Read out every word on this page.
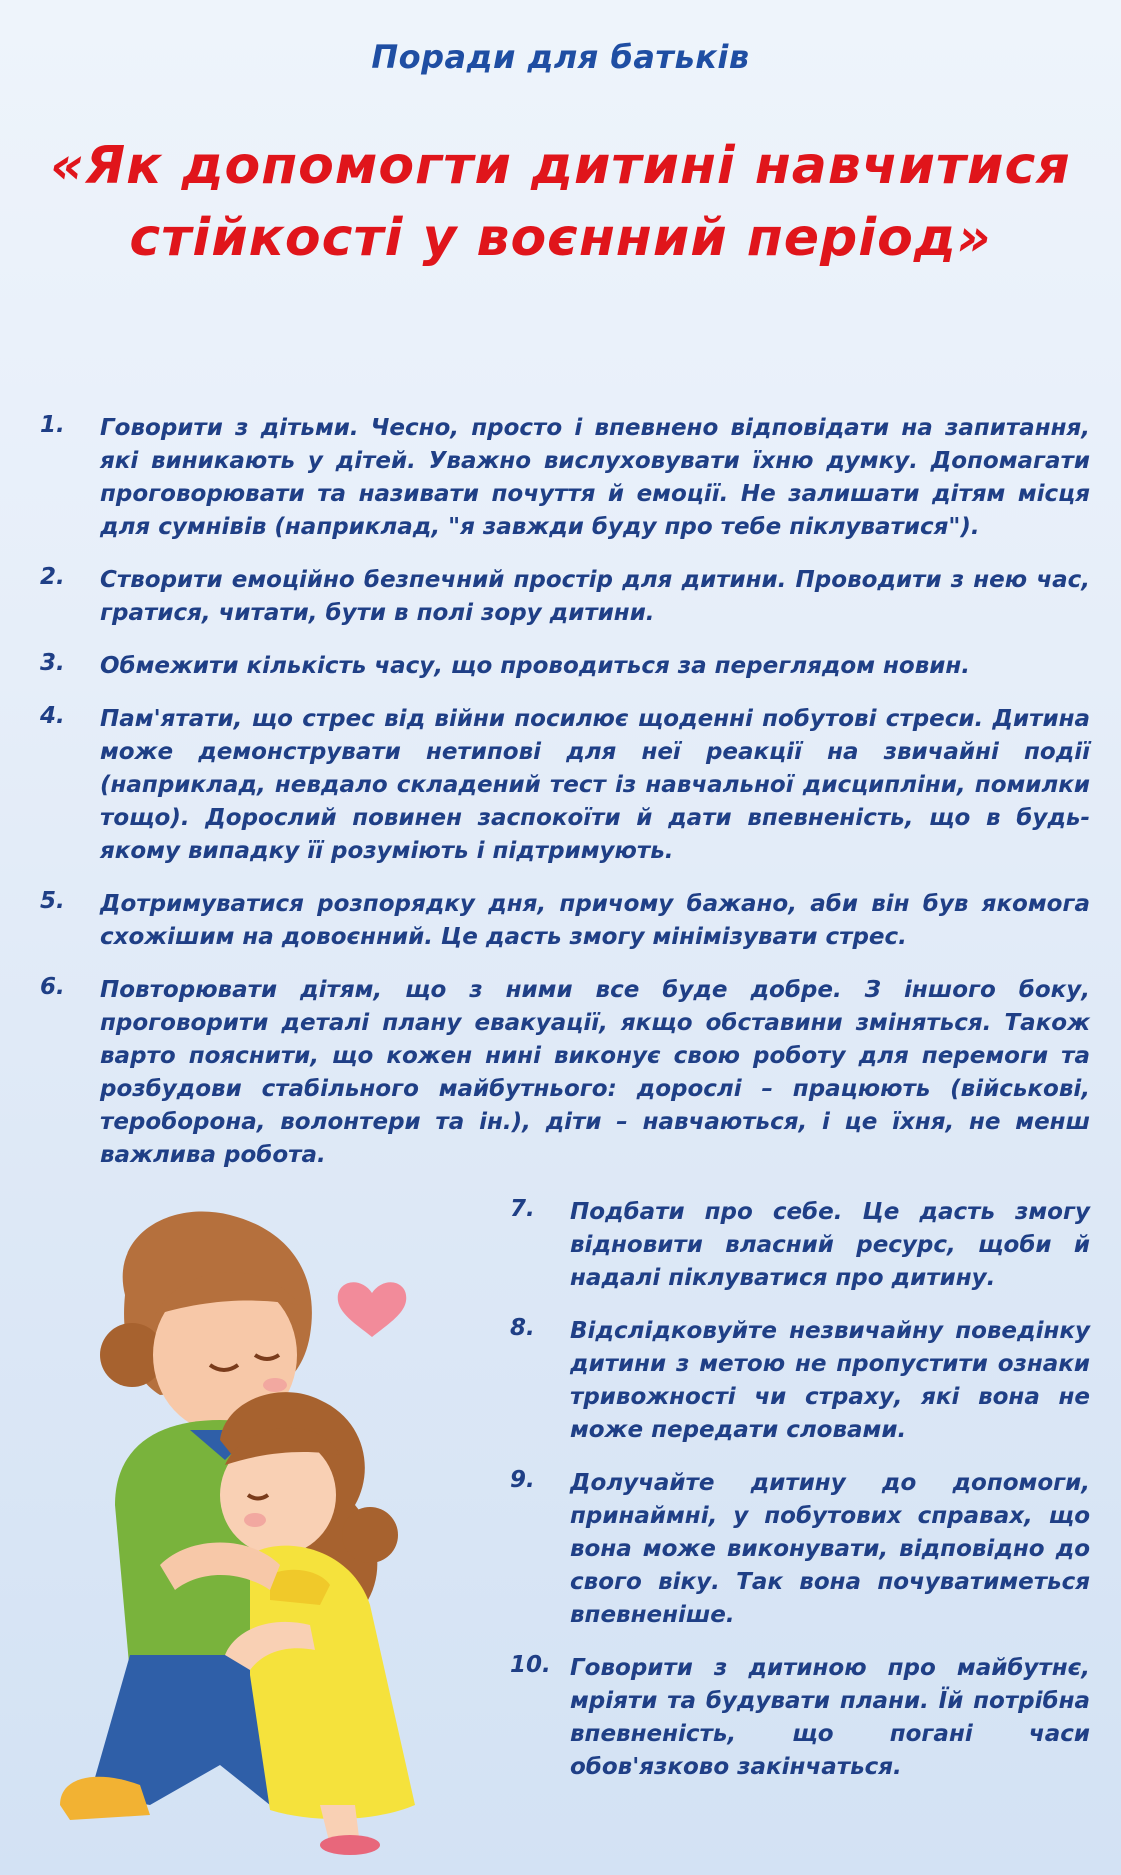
Поради для батьків
«Як допомогти дитині навчитися стійкості у воєнний період»
1.	Говорити з дітьми. Чесно, просто і впевнено відповідати на запитання, які виникають у дітей. Уважно вислуховувати їхню думку. Допомагати проговорювати та називати почуття й емоції. Не залишати дітям місця для сумнівів (наприклад, "я завжди буду про тебе піклуватися").
2.	Створити емоційно безпечний простір для дитини. Проводити з нею час, гратися, читати, бути в полі зору дитини.
3.	Обмежити кількість часу, що проводиться за переглядом новин.
4.	Пам'ятати, що стрес від війни посилює щоденні побутові стреси. Дитина може демонструвати нетипові для неї реакції на звичайні події (наприклад, невдало складений тест із навчальної дисципліни, помилки тощо). Дорослий повинен заспокоїти й дати впевненість, що в будь-якому випадку її розуміють і підтримують.
5.	Дотримуватися розпорядку дня, причому бажано, аби він був якомога схожішим на довоєнний. Це дасть змогу мінімізувати стрес.
6.	Повторювати дітям, що з ними все буде добре. З іншого боку, проговорити деталі плану евакуації, якщо обставини зміняться. Також варто пояснити, що кожен нині виконує свою роботу для перемоги та розбудови стабільного майбутнього: дорослі – працюють (військові, тероборона, волонтери та ін.), діти – навчаються, і це їхня, не менш важлива робота.
7.	Подбати про себе. Це дасть змогу відновити власний ресурс, щоби й надалі піклуватися про дитину.
8.	Відслідковуйте незвичайну поведінку дитини з метою не пропустити ознаки тривожності чи страху, які вона не може передати словами.
9.	Долучайте дитину до допомоги, принаймні, у побутових справах, що вона може виконувати, відповідно до свого віку. Так вона почуватиметься впевненіше.
10. Говорити з дитиною про майбутнє, мріяти та будувати плани. Їй потрібна впевненість, що погані часи обов'язково закінчаться.
